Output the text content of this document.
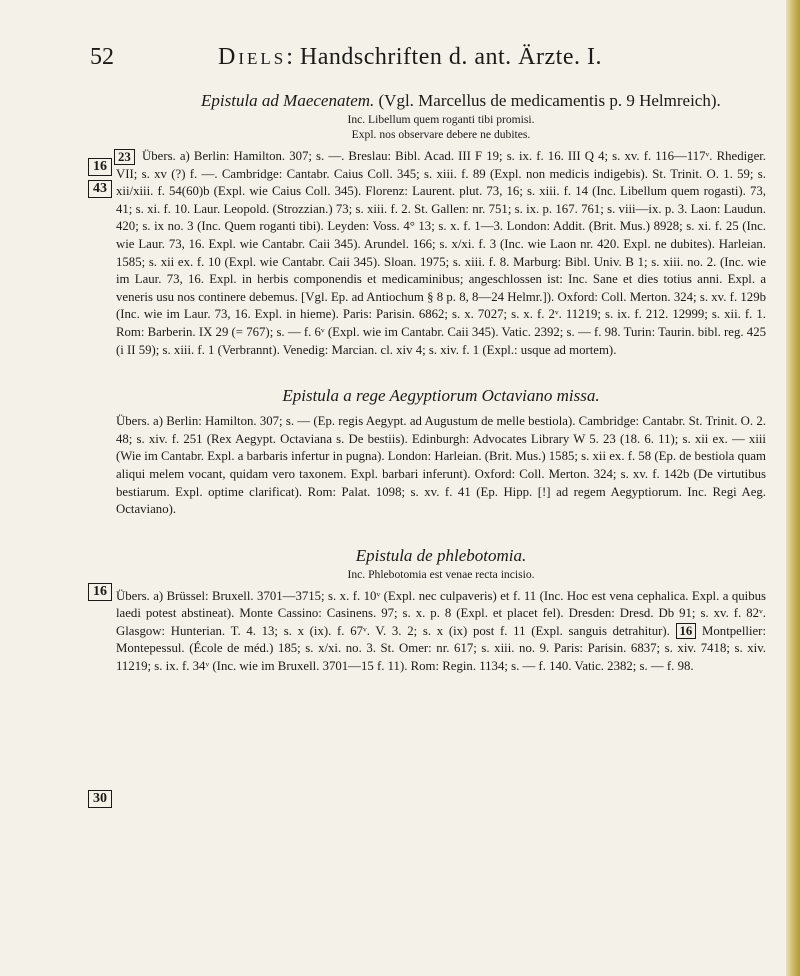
52	Diels: Handschriften d. ant. Ärzte. I.
16
43

Epistula ad Maecenatem. (Vgl. Marcellus de medicamentis p. 9 Helmreich).

Inc. Libellum quem roganti tibi promisi.

Expl. nos observare debere ne dubites.

23 Übers. a) Berlin: Hamilton. 307; s. —. Breslau: Bibl. Acad. III F 19; s. ix. f. 16. III Q 4; s. xv. f. 116—117ᵛ. Rhediger. VII; s. xv (?) f. —. Cambridge: Cantabr. Caius Coll. 345; s. xiii. f. 89 (Expl. non medicis indigebis). St. Trinit. O. 1. 59; s. xii/xiii. f. 54(60)b (Expl. wie Caius Coll. 345). Florenz: Laurent. plut. 73, 16; s. xiii. f. 14 (Inc. Libellum quem rogasti). 73, 41; s. xi. f. 10. Laur. Leopold. (Strozzian.) 73; s. xiii. f. 2. St. Gallen: nr. 751; s. ix. p. 167. 761; s. viii—ix. p. 3. Laon: Laudun. 420; s. ix no. 3 (Inc. Quem roganti tibi). Leyden: Voss. 4° 13; s. x. f. 1—3. London: Addit. (Brit. Mus.) 8928; s. xi. f. 25 (Inc. wie Laur. 73, 16. Expl. wie Cantabr. Caii 345). Arundel. 166; s. x/xi. f. 3 (Inc. wie Laon nr. 420. Expl. ne dubites). Harleian. 1585; s. xii ex. f. 10 (Expl. wie Cantabr. Caii 345). Sloan. 1975; s. xiii. f. 8. Marburg: Bibl. Univ. B 1; s. xiii. no. 2. (Inc. wie im Laur. 73, 16. Expl. in herbis componendis et medicaminibus; angeschlossen ist: Inc. Sane et dies totius anni. Expl. a veneris usu nos continere debemus. [Vgl. Ep. ad Antiochum § 8 p. 8, 8—24 Helmr.]). Oxford: Coll. Merton. 324; s. xv. f. 129b (Inc. wie im Laur. 73, 16. Expl. in hieme). Paris: Parisin. 6862; s. x. 7027; s. x. f. 2ᵛ. 11219; s. ix. f. 212. 12999; s. xii. f. 1. Rom: Barberin. IX 29 (= 767); s. — f. 6ᵛ (Expl. wie im Cantabr. Caii 345). Vatic. 2392; s. — f. 98. Turin: Taurin. bibl. reg. 425 (i II 59); s. xiii. f. 1 (Verbrannt). Venedig: Marcian. cl. xiv 4; s. xiv. f. 1 (Expl.: usque ad mortem).

Epistula a rege Aegyptiorum Octaviano missa.

Übers. a) Berlin: Hamilton. 307; s. — (Ep. regis Aegypt. ad Augustum de melle bestiola). Cambridge: Cantabr. St. Trinit. O. 2. 48; s. xiv. f. 251 (Rex Aegypt. Octaviana s. De bestiis). Edinburgh: Advocates Library W 5. 23 (18. 6. 11); s. xii ex. — xiii (Wie im Cantabr. Expl. a barbaris infertur in pugna). London: Harleian. (Brit. Mus.) 1585; s. xii ex. f. 58 (Ep. de bestiola quam aliqui melem vocant, quidam vero taxonem. Expl. barbari inferunt). Oxford: Coll. Merton. 324; s. xv. f. 142b (De virtutibus bestiarum. Expl. optime clarificat). Rom: Palat. 1098; s. xv. f. 41 (Ep. Hipp. [!] ad regem Aegyptiorum. Inc. Regi Aeg. Octaviano).

Epistula de phlebotomia.

Inc. Phlebotomia est venae recta incisio.

Übers. a) Brüssel: Bruxell. 3701—3715; s. x. f. 10ᵛ (Expl. nec culpaveris) et f. 11 (Inc. Hoc est vena cephalica. Expl. a quibus laedi potest abstineat). Monte Cassino: Casinens. 97; s. x. p. 8 (Expl. et placet fel). Dresden: Dresd. Db 91; s. xv. f. 82ᵛ. Glasgow: Hunterian. T. 4. 13; s. x (ix). f. 67ᵛ. V. 3. 2; s. x (ix) post f. 11 (Expl. sanguis detrahitur). 16 Montpellier: Montepessul. (École de méd.) 185; s. x/xi. no. 3. St. Omer: nr. 617; s. xiii. no. 9. Paris: Parisin. 6837; s. xiv. 7418; s. xiv. 11219; s. ix. f. 34ᵛ (Inc. wie im Bruxell. 3701—15 f. 11). Rom: Regin. 1134; s. — f. 140. Vatic. 2382; s. — f. 98.

16
30
